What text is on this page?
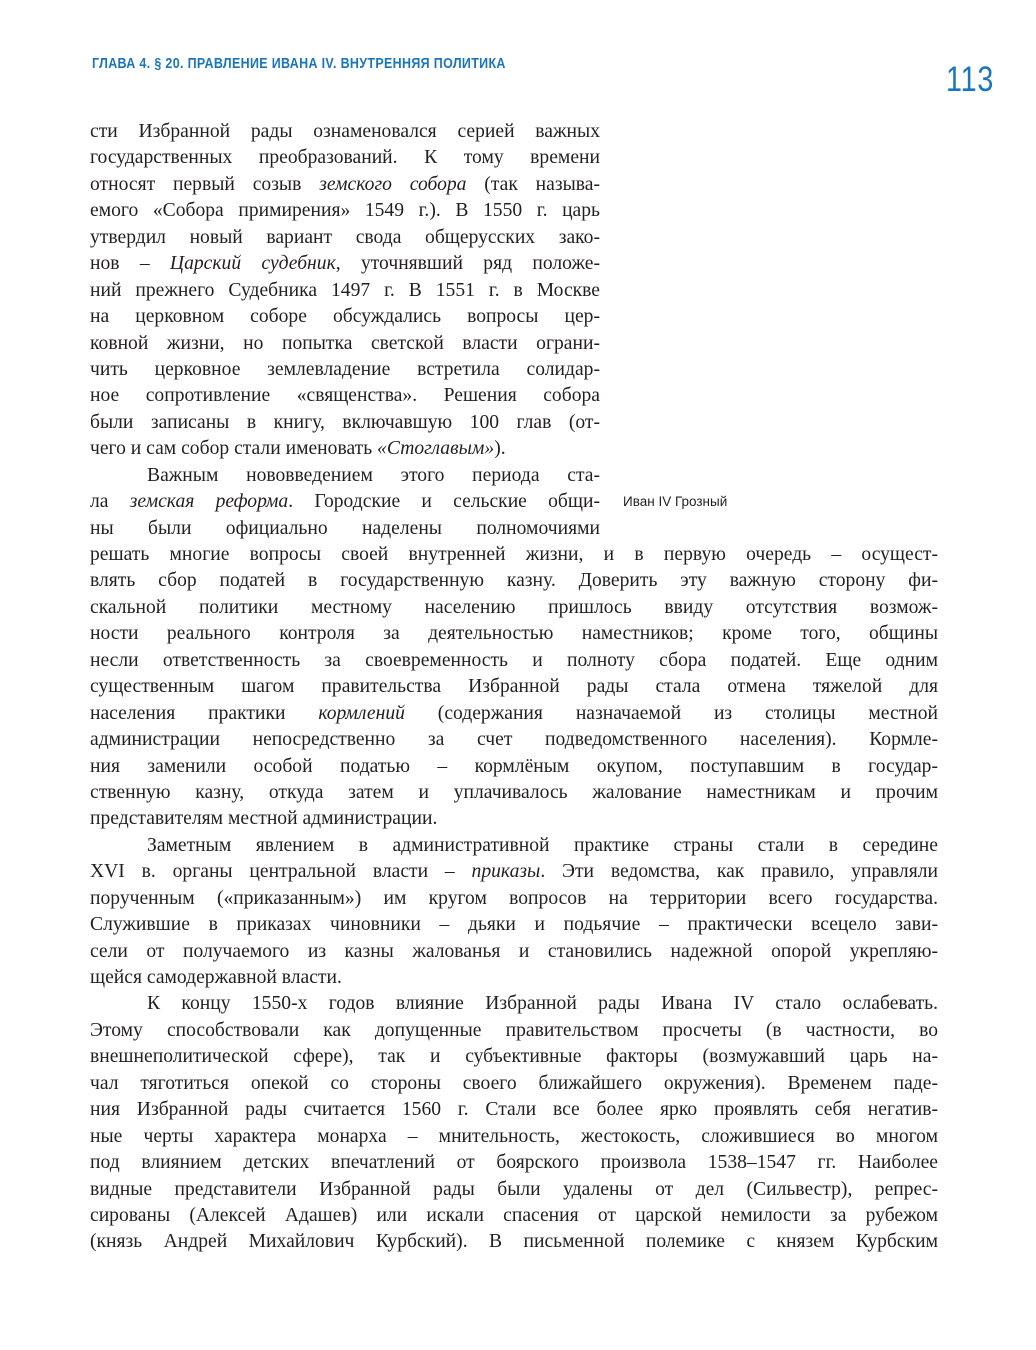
ГЛАВА 4. § 20. ПРАВЛЕНИЕ ИВАНА IV. ВНУТРЕННЯЯ ПОЛИТИКА	113
Иван IV Грозный
сти Избранной рады ознаменовался серией важных
государственных преобразований. К тому времени
относят первый созыв земского собора (так называ-
емого «Собора примирения» 1549 г.). В 1550 г. царь
утвердил новый вариант свода общерусских зако-
нов – Царский судебник, уточнявший ряд положе-
ний прежнего Судебника 1497 г. В 1551 г. в Москве
на церковном соборе обсуждались вопросы цер-
ковной жизни, но попытка светской власти ограни-
чить церковное землевладение встретила солидар-
ное сопротивление «священства». Решения собора
были записаны в книгу, включавшую 100 глав (от-
чего и сам собор стали именовать «Стоглавым»).
Важным нововведением этого периода ста-
ла земская реформа. Городские и сельские общи-
ны были официально наделены полномочиями
решать многие вопросы своей внутренней жизни, и в первую очередь – осущест-
влять сбор податей в государственную казну. Доверить эту важную сторону фи-
скальной политики местному населению пришлось ввиду отсутствия возмож-
ности реального контроля за деятельностью наместников; кроме того, общины
несли ответственность за своевременность и полноту сбора податей. Еще одним
существенным шагом правительства Избранной рады стала отмена тяжелой для
населения практики кормлений (содержания назначаемой из столицы местной
администрации непосредственно за счет подведомственного населения). Кормле-
ния заменили особой податью – кормлёным окупом, поступавшим в государ-
ственную казну, откуда затем и уплачивалось жалование наместникам и прочим
представителям местной администрации.
Заметным явлением в административной практике страны стали в середине
XVI в. органы центральной власти – приказы. Эти ведомства, как правило, управляли
порученным («приказанным») им кругом вопросов на территории всего государства.
Служившие в приказах чиновники – дьяки и подьячие – практически всецело зави-
сели от получаемого из казны жалованья и становились надежной опорой укрепляю-
щейся самодержавной власти.
К концу 1550-х годов влияние Избранной рады Ивана IV стало ослабевать.
Этому способствовали как допущенные правительством просчеты (в частности, во
внешнеполитической сфере), так и субъективные факторы (возмужавший царь на-
чал тяготиться опекой со стороны своего ближайшего окружения). Временем паде-
ния Избранной рады считается 1560 г. Стали все более ярко проявлять себя негатив-
ные черты характера монарха – мнительность, жестокость, сложившиеся во многом
под влиянием детских впечатлений от боярского произвола 1538–1547 гг. Наиболее
видные представители Избранной рады были удалены от дел (Сильвестр), репрес-
сированы (Алексей Адашев) или искали спасения от царской немилости за рубежом
(князь Андрей Михайлович Курбский). В письменной полемике с князем Курбским
